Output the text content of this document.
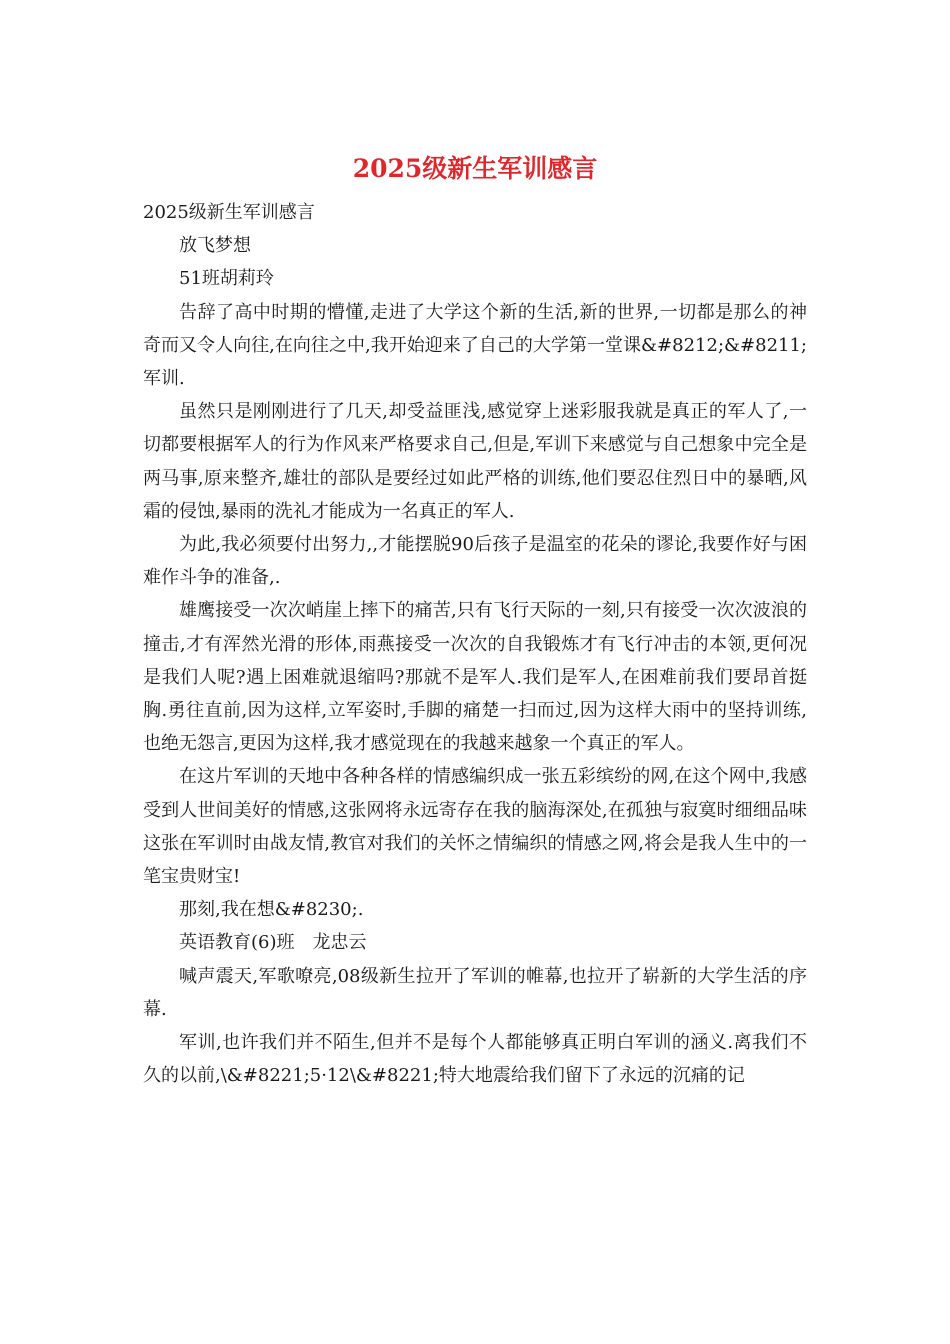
2025级新生军训感言

2025级新生军训感言

放飞梦想

51班胡莉玲

告辞了高中时期的懵懂,走进了大学这个新的生活,新的世界,一切都是那么的神奇而又令人向往,在向往之中,我开始迎来了自己的大学第一堂课&#8212;&#8211;军训.

虽然只是刚刚进行了几天,却受益匪浅,感觉穿上迷彩服我就是真正的军人了,一切都要根据军人的行为作风来严格要求自己,但是,军训下来感觉与自己想象中完全是两马事,原来整齐,雄壮的部队是要经过如此严格的训练,他们要忍住烈日中的暴晒,风霜的侵蚀,暴雨的洗礼才能成为一名真正的军人.

为此,我必须要付出努力,,才能摆脱90后孩子是温室的花朵的谬论,我要作好与困难作斗争的准备,.

雄鹰接受一次次峭崖上摔下的痛苦,只有飞行天际的一刻,只有接受一次次波浪的撞击,才有浑然光滑的形体,雨燕接受一次次的自我锻炼才有飞行冲击的本领,更何况是我们人呢?遇上困难就退缩吗?那就不是军人.我们是军人,在困难前我们要昂首挺胸.勇往直前,因为这样,立军姿时,手脚的痛楚一扫而过,因为这样大雨中的坚持训练,也绝无怨言,更因为这样,我才感觉现在的我越来越象一个真正的军人。

在这片军训的天地中各种各样的情感编织成一张五彩缤纷的网,在这个网中,我感受到人世间美好的情感,这张网将永远寄存在我的脑海深处,在孤独与寂寞时细细品味这张在军训时由战友情,教官对我们的关怀之情编织的情感之网,将会是我人生中的一笔宝贵财宝!

那刻,我在想&#8230;.

英语教育(6)班　龙忠云

喊声震天,军歌嘹亮,08级新生拉开了军训的帷幕,也拉开了崭新的大学生活的序幕.

军训,也许我们并不陌生,但并不是每个人都能够真正明白军训的涵义.离我们不久的以前,\&#8221;5·12\&#8221;特大地震给我们留下了永远的沉痛的记
